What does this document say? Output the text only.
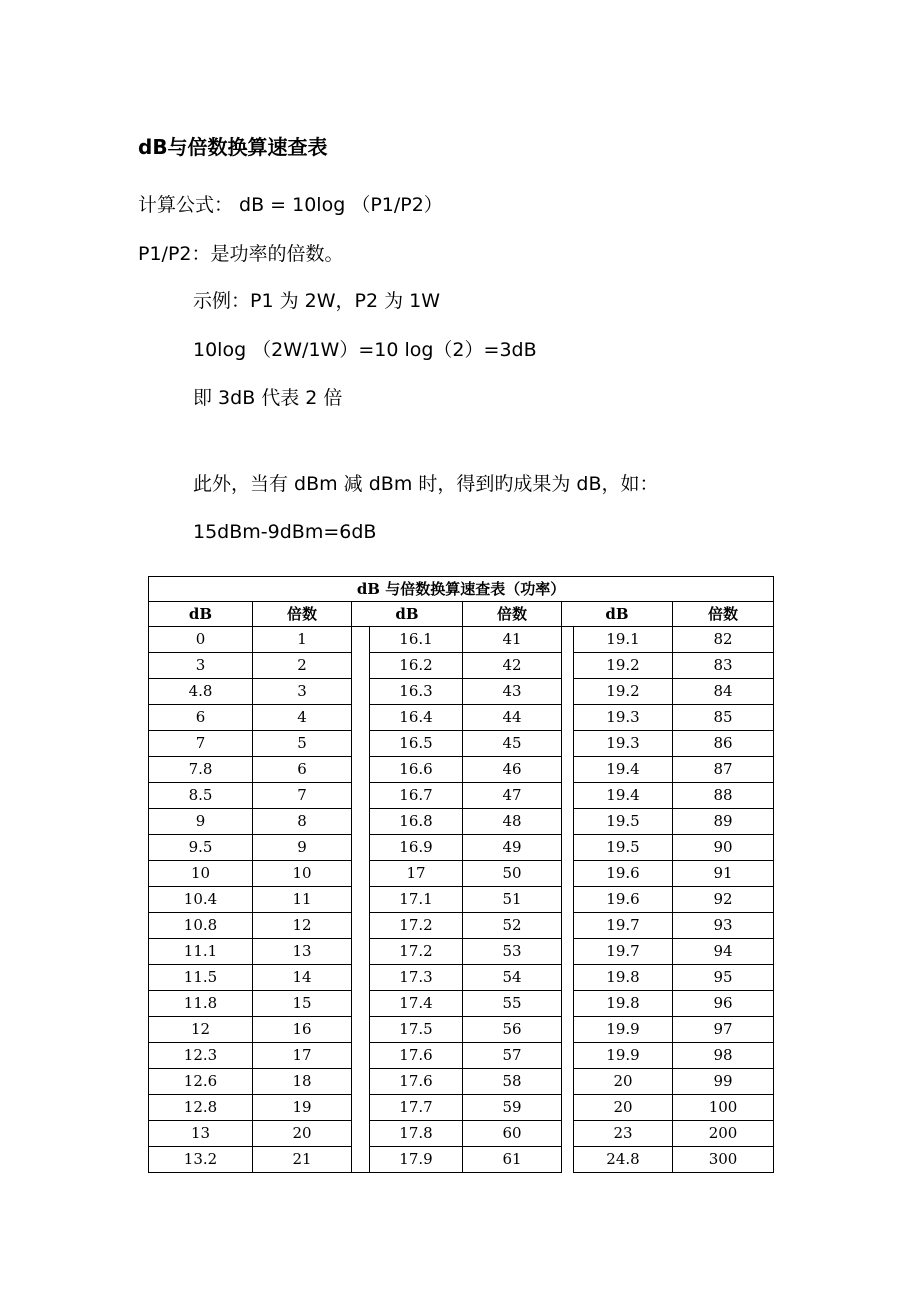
dB与倍数换算速查表
计算公式： dB = 10log （P1/P2）
P1/P2：是功率的倍数。
示例：P1 为 2W，P2 为 1W
10log （2W/1W）=10 log（2）=3dB
即 3dB 代表 2 倍
此外，当有 dBm 减 dBm 时，得到旳成果为 dB，如：
15dBm-9dBm=6dB
dB 与倍数换算速查表（功率）							
dB	倍数	dB		倍数	dB		倍数
0	1		16.1	41		19.1	82
3	2		16.2	42		19.2	83
4.8	3		16.3	43		19.2	84
6	4		16.4	44		19.3	85
7	5		16.5	45		19.3	86
7.8	6		16.6	46		19.4	87
8.5	7		16.7	47		19.4	88
9	8		16.8	48		19.5	89
9.5	9		16.9	49		19.5	90
10	10		17	50		19.6	91
10.4	11		17.1	51		19.6	92
10.8	12		17.2	52		19.7	93
11.1	13		17.2	53		19.7	94
11.5	14		17.3	54		19.8	95
11.8	15		17.4	55		19.8	96
12	16		17.5	56		19.9	97
12.3	17		17.6	57		19.9	98
12.6	18		17.6	58		20	99
12.8	19		17.7	59		20	100
13	20		17.8	60		23	200
13.2	21		17.9	61		24.8	300
